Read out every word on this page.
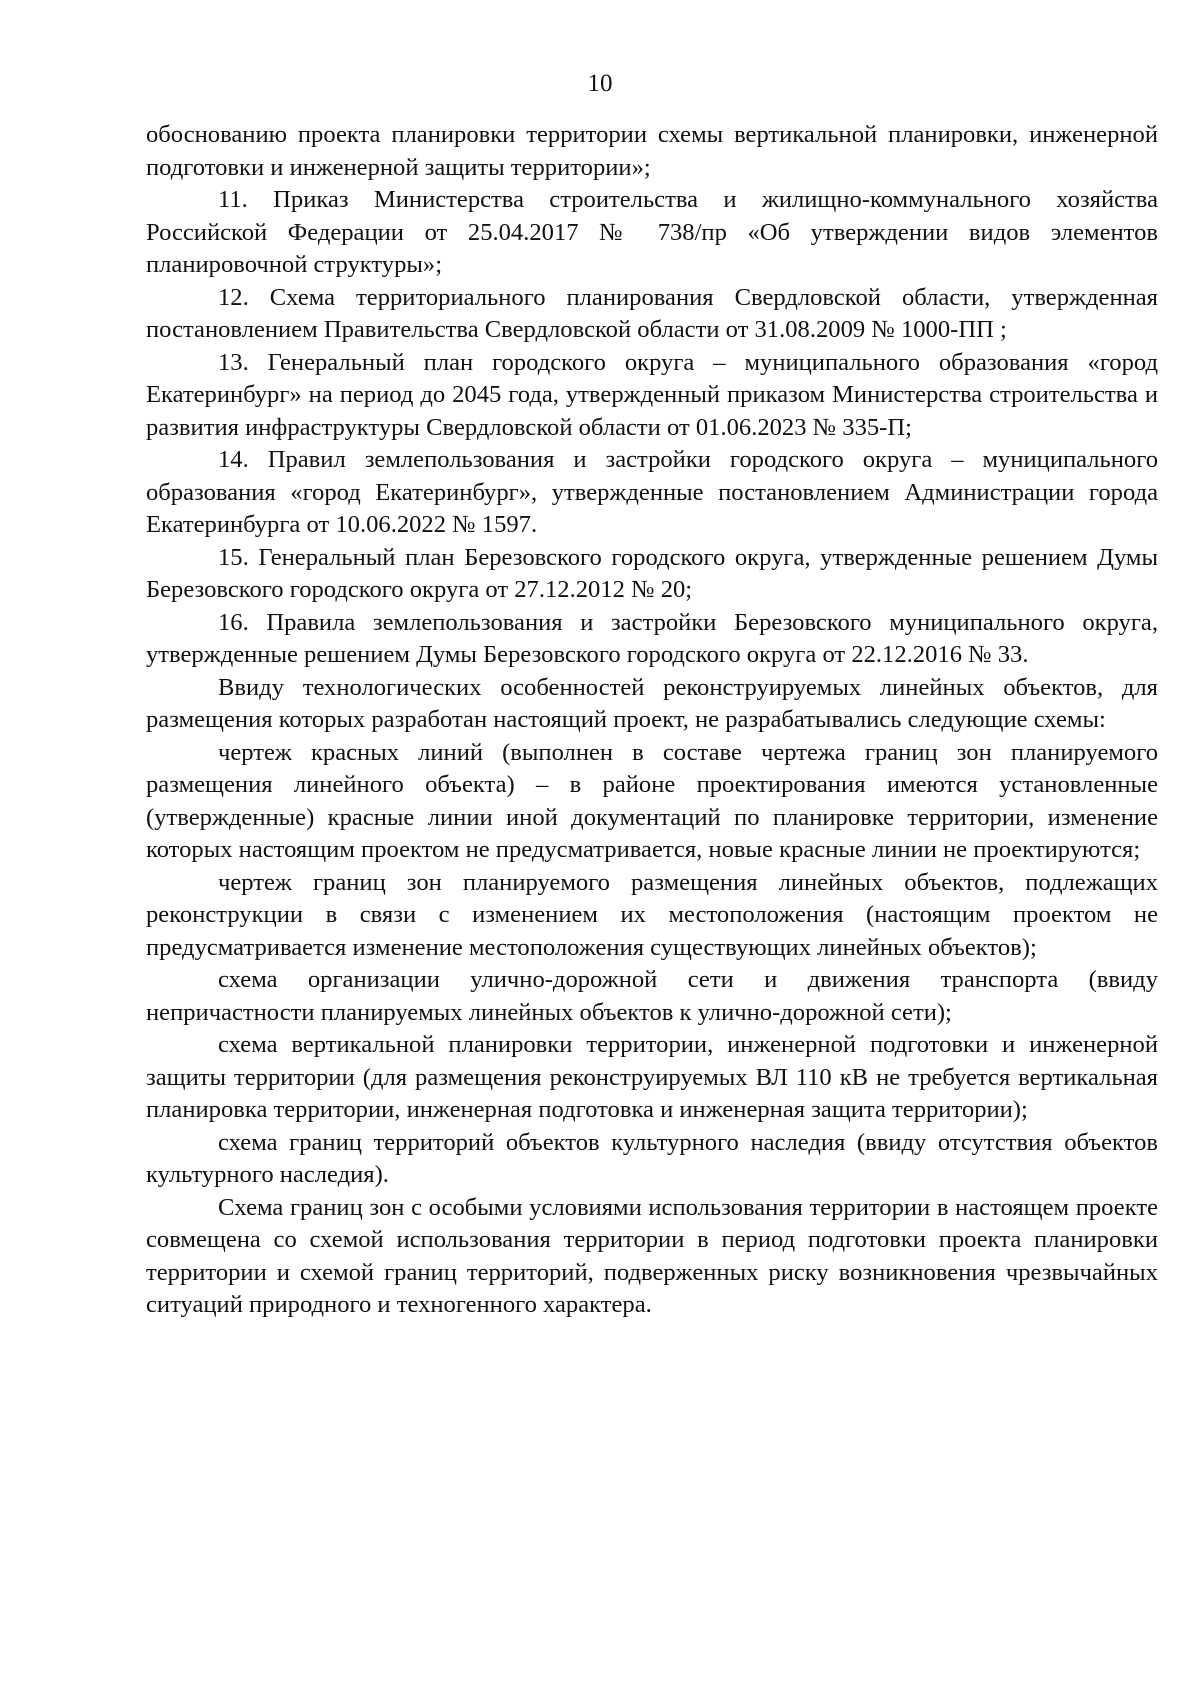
10

обоснованию проекта планировки территории схемы вертикальной планировки, инженерной подготовки и инженерной защиты территории»;

11. Приказ Министерства строительства и жилищно-коммунального хозяйства Российской Федерации от 25.04.2017 № 738/пр «Об утверждении видов элементов планировочной структуры»;

12. Схема территориального планирования Свердловской области, утвержденная постановлением Правительства Свердловской области от 31.08.2009 № 1000-ПП ;

13. Генеральный план городского округа – муниципального образования «город Екатеринбург» на период до 2045 года, утвержденный приказом Министерства строительства и развития инфраструктуры Свердловской области от 01.06.2023 № 335-П;

14. Правил землепользования и застройки городского округа – муниципального образования «город Екатеринбург», утвержденные постановлением Администрации города Екатеринбурга от 10.06.2022 № 1597.

15. Генеральный план Березовского городского округа, утвержденные решением Думы Березовского городского округа от 27.12.2012 № 20;

16. Правила землепользования и застройки Березовского муниципального округа, утвержденные решением Думы Березовского городского округа от 22.12.2016 № 33.

Ввиду технологических особенностей реконструируемых линейных объектов, для размещения которых разработан настоящий проект, не разрабатывались следующие схемы:

чертеж красных линий (выполнен в составе чертежа границ зон планируемого размещения линейного объекта) – в районе проектирования имеются установленные (утвержденные) красные линии иной документаций по планировке территории, изменение которых настоящим проектом не предусматривается, новые красные линии не проектируются;

чертеж границ зон планируемого размещения линейных объектов, подлежащих реконструкции в связи с изменением их местоположения (настоящим проектом не предусматривается изменение местоположения существующих линейных объектов);

схема организации улично-дорожной сети и движения транспорта (ввиду непричастности планируемых линейных объектов к улично-дорожной сети);

схема вертикальной планировки территории, инженерной подготовки и инженерной защиты территории (для размещения реконструируемых ВЛ 110 кВ не требуется вертикальная планировка территории, инженерная подготовка и инженерная защита территории);

схема границ территорий объектов культурного наследия (ввиду отсутствия объектов культурного наследия).

Схема границ зон с особыми условиями использования территории в настоящем проекте совмещена со схемой использования территории в период подготовки проекта планировки территории и схемой границ территорий, подверженных риску возникновения чрезвычайных ситуаций природного и техногенного характера.
